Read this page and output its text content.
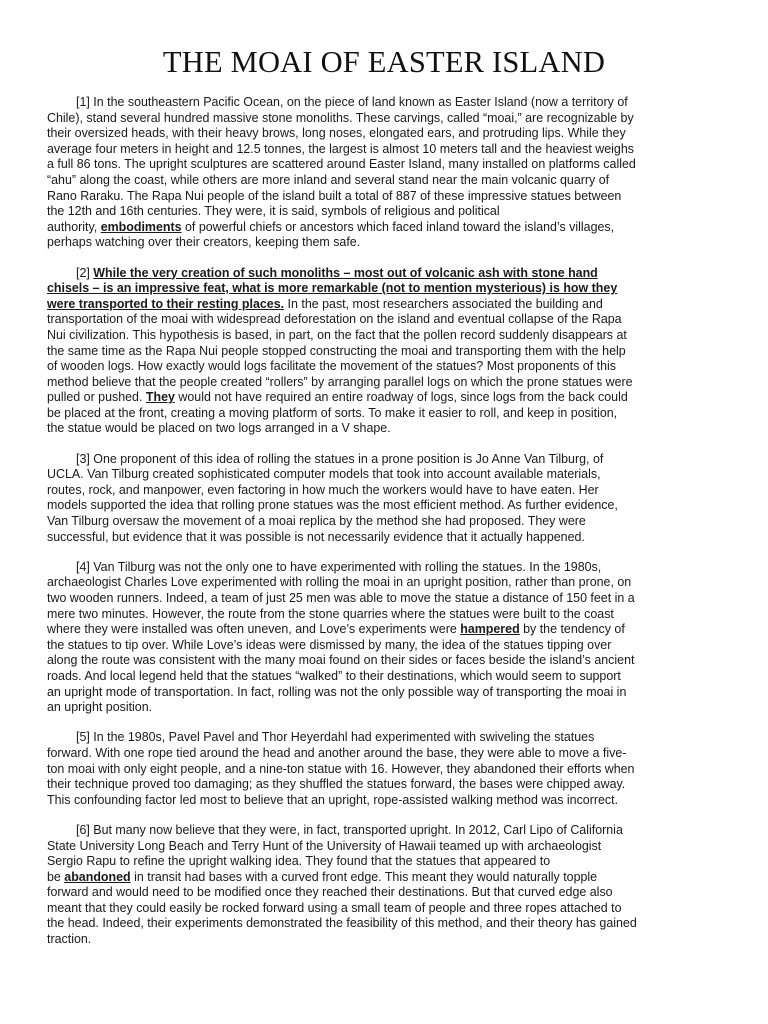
THE MOAI OF EASTER ISLAND

[1] In the southeastern Pacific Ocean, on the piece of land known as Easter Island (now a territory of
Chile), stand several hundred massive stone monoliths. These carvings, called “moai,” are recognizable by
their oversized heads, with their heavy brows, long noses, elongated ears, and protruding lips. While they
average four meters in height and 12.5 tonnes, the largest is almost 10 meters tall and the heaviest weighs
a full 86 tons. The upright sculptures are scattered around Easter Island, many installed on platforms called
“ahu” along the coast, while others are more inland and several stand near the main volcanic quarry of
Rano Raraku. The Rapa Nui people of the island built a total of 887 of these impressive statues between
the 12th and 16th centuries. They were, it is said, symbols of religious and political
authority, embodiments of powerful chiefs or ancestors which faced inland toward the island’s villages,
perhaps watching over their creators, keeping them safe.

[2] While the very creation of such monoliths – most out of volcanic ash with stone hand
chisels – is an impressive feat, what is more remarkable (not to mention mysterious) is how they
were transported to their resting places. In the past, most researchers associated the building and
transportation of the moai with widespread deforestation on the island and eventual collapse of the Rapa
Nui civilization. This hypothesis is based, in part, on the fact that the pollen record suddenly disappears at
the same time as the Rapa Nui people stopped constructing the moai and transporting them with the help
of wooden logs. How exactly would logs facilitate the movement of the statues? Most proponents of this
method believe that the people created “rollers” by arranging parallel logs on which the prone statues were
pulled or pushed. They would not have required an entire roadway of logs, since logs from the back could
be placed at the front, creating a moving platform of sorts. To make it easier to roll, and keep in position,
the statue would be placed on two logs arranged in a V shape.

[3] One proponent of this idea of rolling the statues in a prone position is Jo Anne Van Tilburg, of
UCLA. Van Tilburg created sophisticated computer models that took into account available materials,
routes, rock, and manpower, even factoring in how much the workers would have to have eaten. Her
models supported the idea that rolling prone statues was the most efficient method. As further evidence,
Van Tilburg oversaw the movement of a moai replica by the method she had proposed. They were
successful, but evidence that it was possible is not necessarily evidence that it actually happened.

[4] Van Tilburg was not the only one to have experimented with rolling the statues. In the 1980s,
archaeologist Charles Love experimented with rolling the moai in an upright position, rather than prone, on
two wooden runners. Indeed, a team of just 25 men was able to move the statue a distance of 150 feet in a
mere two minutes. However, the route from the stone quarries where the statues were built to the coast
where they were installed was often uneven, and Love’s experiments were hampered by the tendency of
the statues to tip over. While Love’s ideas were dismissed by many, the idea of the statues tipping over
along the route was consistent with the many moai found on their sides or faces beside the island’s ancient
roads. And local legend held that the statues “walked” to their destinations, which would seem to support
an upright mode of transportation. In fact, rolling was not the only possible way of transporting the moai in
an upright position.

[5] In the 1980s, Pavel Pavel and Thor Heyerdahl had experimented with swiveling the statues
forward. With one rope tied around the head and another around the base, they were able to move a five-
ton moai with only eight people, and a nine-ton statue with 16. However, they abandoned their efforts when
their technique proved too damaging; as they shuffled the statues forward, the bases were chipped away.
This confounding factor led most to believe that an upright, rope-assisted walking method was incorrect.

[6] But many now believe that they were, in fact, transported upright. In 2012, Carl Lipo of California
State University Long Beach and Terry Hunt of the University of Hawaii teamed up with archaeologist
Sergio Rapu to refine the upright walking idea. They found that the statues that appeared to
be abandoned in transit had bases with a curved front edge. This meant they would naturally topple
forward and would need to be modified once they reached their destinations. But that curved edge also
meant that they could easily be rocked forward using a small team of people and three ropes attached to
the head. Indeed, their experiments demonstrated the feasibility of this method, and their theory has gained
traction.
